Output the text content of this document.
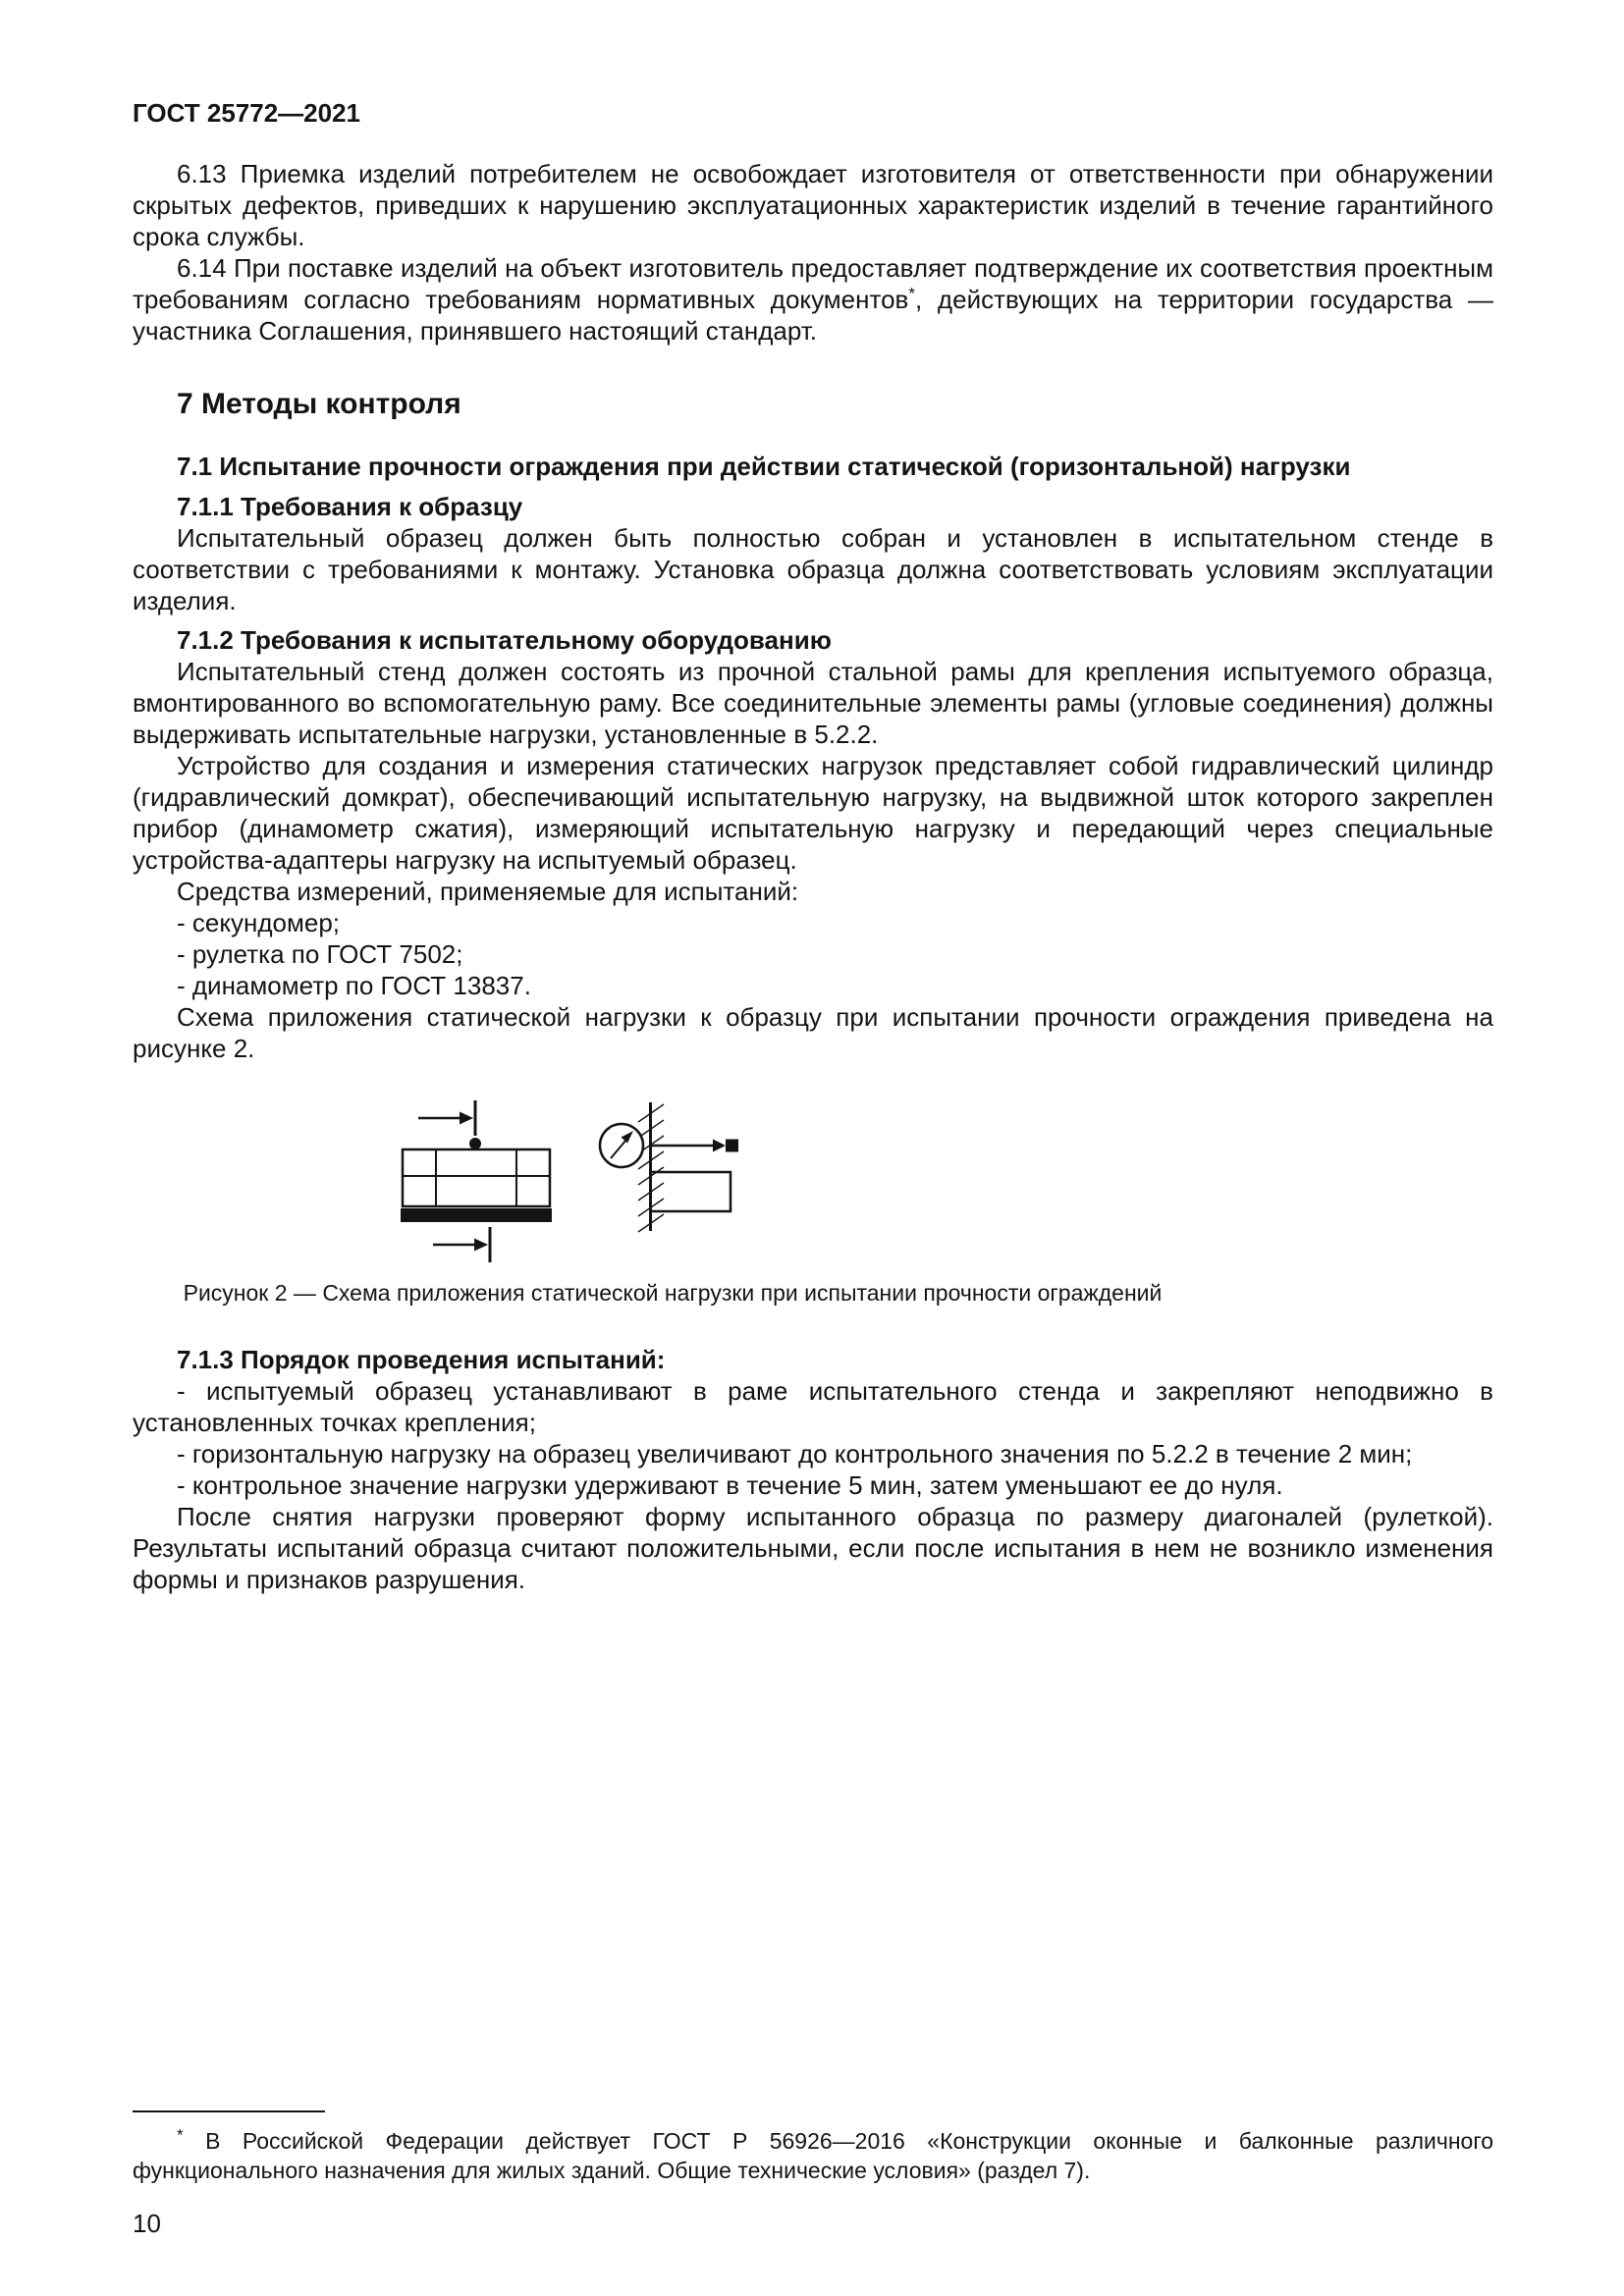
ГОСТ 25772—2021

6.13 Приемка изделий потребителем не освобождает изготовителя от ответственности при обнаружении скрытых дефектов, приведших к нарушению эксплуатационных характеристик изделий в течение гарантийного срока службы.

6.14 При поставке изделий на объект изготовитель предоставляет подтверждение их соответствия проектным требованиям согласно требованиям нормативных документов*, действующих на территории государства — участника Соглашения, принявшего настоящий стандарт.

7 Методы контроля
7.1 Испытание прочности ограждения при действии статической (горизонтальной) нагрузки
7.1.1 Требования к образцу

Испытательный образец должен быть полностью собран и установлен в испытательном стенде в соответствии с требованиями к монтажу. Установка образца должна соответствовать условиям эксплуатации изделия.

7.1.2 Требования к испытательному оборудованию

Испытательный стенд должен состоять из прочной стальной рамы для крепления испытуемого образца, вмонтированного во вспомогательную раму. Все соединительные элементы рамы (угловые соединения) должны выдерживать испытательные нагрузки, установленные в 5.2.2.

Устройство для создания и измерения статических нагрузок представляет собой гидравлический цилиндр (гидравлический домкрат), обеспечивающий испытательную нагрузку, на выдвижной шток которого закреплен прибор (динамометр сжатия), измеряющий испытательную нагрузку и передающий через специальные устройства-адаптеры нагрузку на испытуемый образец.

Средства измерений, применяемые для испытаний:

- секундомер;

- рулетка по ГОСТ 7502;

- динамометр по ГОСТ 13837.

Схема приложения статической нагрузки к образцу при испытании прочности ограждения приведена на рисунке 2.

Рисунок 2 — Схема приложения статической нагрузки при испытании прочности ограждений
7.1.3 Порядок проведения испытаний:

- испытуемый образец устанавливают в раме испытательного стенда и закрепляют неподвижно в установленных точках крепления;

- горизонтальную нагрузку на образец увеличивают до контрольного значения по 5.2.2 в течение 2 мин;

- контрольное значение нагрузки удерживают в течение 5 мин, затем уменьшают ее до нуля.

После снятия нагрузки проверяют форму испытанного образца по размеру диагоналей (рулеткой). Результаты испытаний образца считают положительными, если после испытания в нем не возникло изменения формы и признаков разрушения.

* В Российской Федерации действует ГОСТ Р 56926—2016 «Конструкции оконные и балконные различного функционального назначения для жилых зданий. Общие технические условия» (раздел 7).

10
